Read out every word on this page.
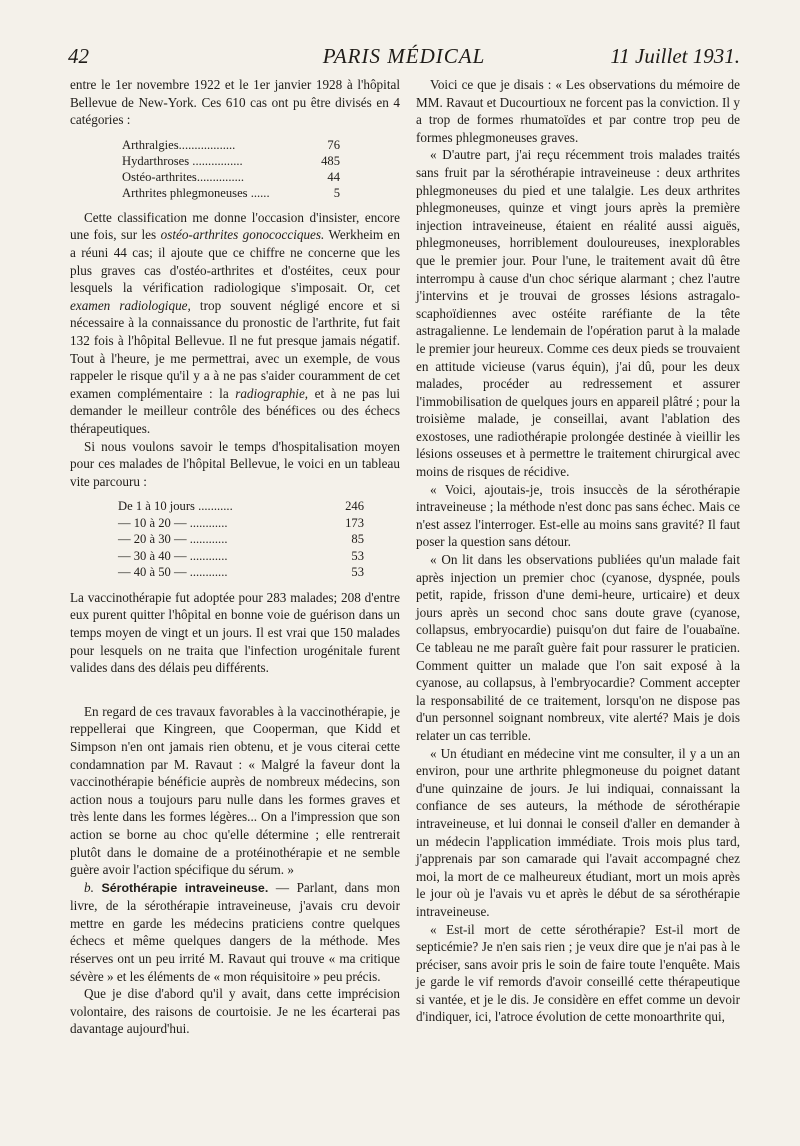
42	PARIS MÉDICAL	11 Juillet 1931.

entre le 1er novembre 1922 et le 1er janvier 1928 à l'hôpital Bellevue de New-York. Ces 610 cas ont pu être divisés en 4 catégories :

Arthralgies..................	76
Hydarthroses ................	485
Ostéo-arthrites...............	44
Arthrites phlegmoneuses ......	5

Cette classification me donne l'occasion d'insister, encore une fois, sur les ostéo-arthrites gonococciques. Werkheim en a réuni 44 cas; il ajoute que ce chiffre ne concerne que les plus graves cas d'ostéo-arthrites et d'ostéites, ceux pour lesquels la vérification radiologique s'imposait. Or, cet examen radiologique, trop souvent négligé encore et si nécessaire à la connaissance du pronostic de l'arthrite, fut fait 132 fois à l'hôpital Bellevue. Il ne fut presque jamais négatif. Tout à l'heure, je me permettrai, avec un exemple, de vous rappeler le risque qu'il y a à ne pas s'aider couramment de cet examen complémentaire : la radiographie, et à ne pas lui demander le meilleur contrôle des bénéfices ou des échecs thérapeutiques.

Si nous voulons savoir le temps d'hospitalisation moyen pour ces malades de l'hôpital Bellevue, le voici en un tableau vite parcouru :

De 1 à 10 jours ...........	246
— 10 à 20 — ............	173
— 20 à 30 — ............	85
— 30 à 40 — ............	53
— 40 à 50 — ............	53

La vaccinothérapie fut adoptée pour 283 malades; 208 d'entre eux purent quitter l'hôpital en bonne voie de guérison dans un temps moyen de vingt et un jours. Il est vrai que 150 malades pour lesquels on ne traita que l'infection urogénitale furent valides dans des délais peu différents.

En regard de ces travaux favorables à la vaccinothérapie, je reppellerai que Kingreen, que Cooperman, que Kidd et Simpson n'en ont jamais rien obtenu, et je vous citerai cette condamnation par M. Ravaut : « Malgré la faveur dont la vaccinothérapie bénéficie auprès de nombreux médecins, son action nous a toujours paru nulle dans les formes graves et très lente dans les formes légères... On a l'impression que son action se borne au choc qu'elle détermine ; elle rentrerait plutôt dans le domaine de a protéinothérapie et ne semble guère avoir l'action spécifique du sérum. »

b. Sérothérapie intraveineuse. — Parlant, dans mon livre, de la sérothérapie intraveineuse, j'avais cru devoir mettre en garde les médecins praticiens contre quelques échecs et même quelques dangers de la méthode. Mes réserves ont un peu irrité M. Ravaut qui trouve « ma critique sévère » et les éléments de « mon réquisitoire » peu précis.

Que je dise d'abord qu'il y avait, dans cette imprécision volontaire, des raisons de courtoisie. Je ne les écarterai pas davantage aujourd'hui.

Voici ce que je disais : « Les observations du mémoire de MM. Ravaut et Ducourtioux ne forcent pas la conviction. Il y a trop de formes rhumatoïdes et par contre trop peu de formes phlegmoneuses graves.

« D'autre part, j'ai reçu récemment trois malades traités sans fruit par la sérothérapie intraveineuse : deux arthrites phlegmoneuses du pied et une talalgie. Les deux arthrites phlegmoneuses, quinze et vingt jours après la première injection intraveineuse, étaient en réalité aussi aiguës, phlegmoneuses, horriblement douloureuses, inexplorables que le premier jour. Pour l'une, le traitement avait dû être interrompu à cause d'un choc sérique alarmant ; chez l'autre j'intervins et je trouvai de grosses lésions astragalo-scaphoïdiennes avec ostéite raréfiante de la tête astragalienne. Le lendemain de l'opération parut à la malade le premier jour heureux. Comme ces deux pieds se trouvaient en attitude vicieuse (varus équin), j'ai dû, pour les deux malades, procéder au redressement et assurer l'immobilisation de quelques jours en appareil plâtré ; pour la troisième malade, je conseillai, avant l'ablation des exostoses, une radiothérapie prolongée destinée à vieillir les lésions osseuses et à permettre le traitement chirurgical avec moins de risques de récidive.

« Voici, ajoutais-je, trois insuccès de la sérothérapie intraveineuse ; la méthode n'est donc pas sans échec. Mais ce n'est assez l'interroger. Est-elle au moins sans gravité? Il faut poser la question sans détour.

« On lit dans les observations publiées qu'un malade fait après injection un premier choc (cyanose, dyspnée, pouls petit, rapide, frisson d'une demi-heure, urticaire) et deux jours après un second choc sans doute grave (cyanose, collapsus, embryocardie) puisqu'on dut faire de l'ouabaïne. Ce tableau ne me paraît guère fait pour rassurer le praticien. Comment quitter un malade que l'on sait exposé à la cyanose, au collapsus, à l'embryocardie? Comment accepter la responsabilité de ce traitement, lorsqu'on ne dispose pas d'un personnel soignant nombreux, vite alerté? Mais je dois relater un cas terrible.

« Un étudiant en médecine vint me consulter, il y a un an environ, pour une arthrite phlegmoneuse du poignet datant d'une quinzaine de jours. Je lui indiquai, connaissant la confiance de ses auteurs, la méthode de sérothérapie intraveineuse, et lui donnai le conseil d'aller en demander à un médecin l'application immédiate. Trois mois plus tard, j'apprenais par son camarade qui l'avait accompagné chez moi, la mort de ce malheureux étudiant, mort un mois après le jour où je l'avais vu et après le début de sa sérothérapie intraveineuse.

« Est-il mort de cette sérothérapie? Est-il mort de septicémie? Je n'en sais rien ; je veux dire que je n'ai pas à le préciser, sans avoir pris le soin de faire toute l'enquête. Mais je garde le vif remords d'avoir conseillé cette thérapeutique si vantée, et je le dis. Je considère en effet comme un devoir d'indiquer, ici, l'atroce évolution de cette monoarthrite qui,
